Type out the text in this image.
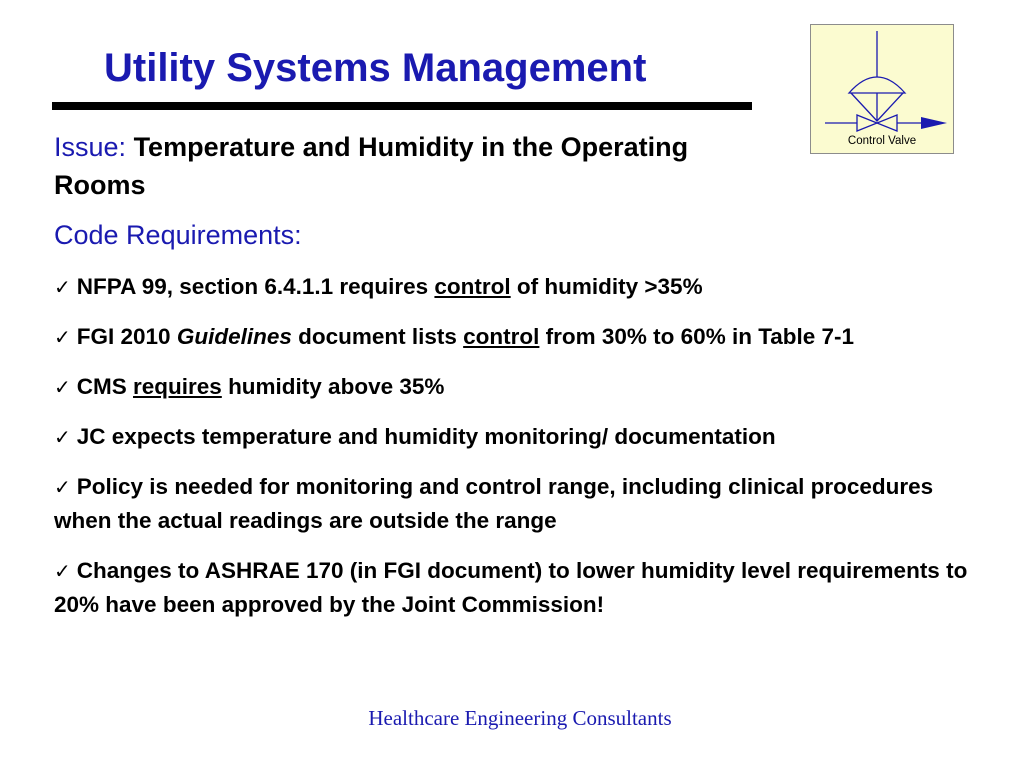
Utility Systems Management
Issue: Temperature and Humidity in the Operating Rooms
Code Requirements:
✓ NFPA 99, section 6.4.1.1 requires control of humidity >35%
✓ FGI 2010 Guidelines document lists control from 30% to 60% in Table 7-1
✓ CMS requires humidity above 35%
✓ JC expects temperature and humidity monitoring/ documentation
✓ Policy is needed for monitoring and control range, including clinical procedures when the actual readings are outside the range
✓ Changes to ASHRAE 170 (in FGI document) to lower humidity level requirements to 20% have been approved by the Joint Commission!
Control Valve
Healthcare Engineering Consultants
